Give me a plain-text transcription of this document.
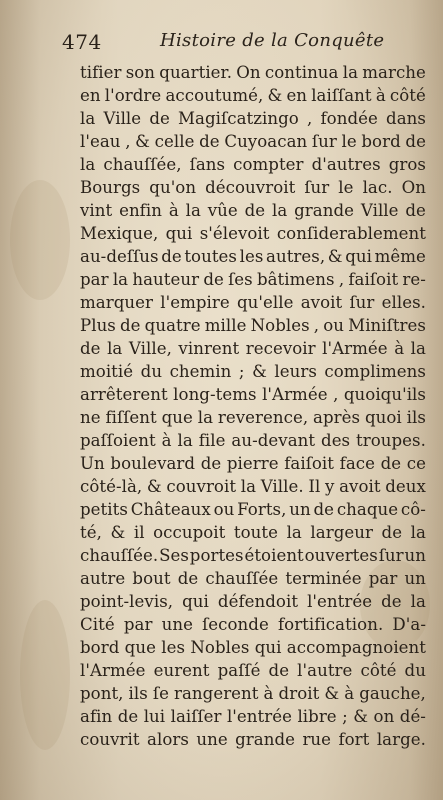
474	Histoire de la Conquête
tifier son quartier. On continua la marche
en l'ordre accoutumé, & en laiſſant à côté
la Ville de Magiſcatzingo , fondée dans
l'eau , & celle de Cuyoacan ſur le bord de
la chauſſée, ſans compter d'autres gros
Bourgs qu'on découvroit ſur le lac. On
vint enfin à la vûe de la grande Ville de
Mexique, qui s'élevoit conſiderablement
au-deſſus de toutes les autres, & qui même
par la hauteur de ſes bâtimens , faiſoit re-
marquer l'empire qu'elle avoit ſur elles.
Plus de quatre mille Nobles , ou Miniſtres
de la Ville, vinrent recevoir l'Armée à la
moitié du chemin ; & leurs complimens
arrêterent long-tems l'Armée , quoiqu'ils
ne fiſſent que la reverence, après quoi ils
paſſoient à la file au-devant des troupes.
Un boulevard de pierre faiſoit face de ce
côté-là, & couvroit la Ville. Il y avoit deux
petits Châteaux ou Forts, un de chaque cô-
té, & il occupoit toute la largeur de la
chauſſée. Ses portes étoient ouvertes ſur un
autre bout de chauſſée terminée par un
point-levis, qui défendoit l'entrée de la
Cité par une ſeconde fortification. D'a-
bord que les Nobles qui accompagnoient
l'Armée eurent paſſé de l'autre côté du
pont, ils ſe rangerent à droit & à gauche,
afin de lui laiſſer l'entrée libre ; & on dé-
couvrit alors une grande rue fort large.
